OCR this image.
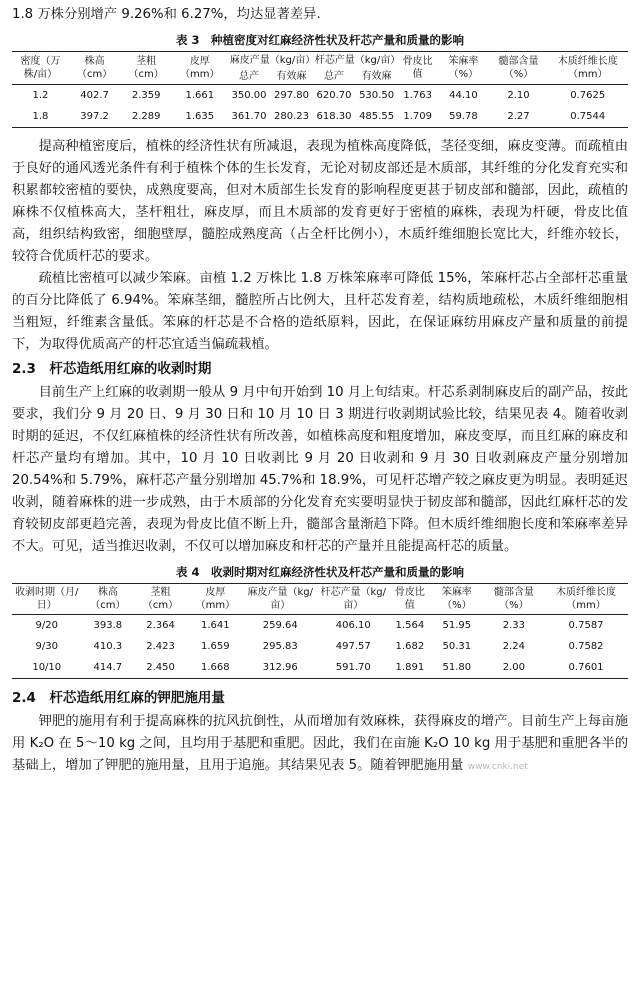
1.8 万株分别增产 9.26%和 6.27%，均达显著差异.

表 3　种植密度对红麻经济性状及杆芯产量和质量的影响
密度（万株/亩）	株高（cm）	茎粗（cm）	皮厚（mm）	麻皮产量（kg/亩）		杆芯产量（kg/亩）		骨皮比值	笨麻率（%）	髓部含量（%）	木质纤维长度（mm）
				总产	有效麻	总产	有效麻				
1.2	402.7	2.359	1.661	350.00	297.80	620.70	530.50	1.763	44.10	2.10	0.7625
1.8	397.2	2.289	1.635	361.70	280.23	618.30	485.55	1.709	59.78	2.27	0.7544

提高种植密度后，植株的经济性状有所减退，表现为植株高度降低，茎径变细，麻皮变薄。而疏植由于良好的通风透光条件有利于植株个体的生长发育，无论对韧皮部还是木质部，其纤维的分化发育充实和积累都较密植的要快，成熟度要高，但对木质部生长发育的影响程度更甚于韧皮部和髓部，因此，疏植的麻株不仅植株高大，茎杆粗壮，麻皮厚，而且木质部的发育更好于密植的麻株，表现为杆硬，骨皮比值高，组织结构致密，细胞壁厚，髓腔成熟度高（占全杆比例小），木质纤维细胞长宽比大，纤维亦较长，较符合优质杆芯的要求。

疏植比密植可以减少笨麻。亩植 1.2 万株比 1.8 万株笨麻率可降低 15%，笨麻杆芯占全部杆芯重量的百分比降低了 6.94%。笨麻茎细，髓腔所占比例大，且杆芯发育差，结构质地疏松，木质纤维细胞相当粗短，纤维素含量低。笨麻的杆芯是不合格的造纸原料，因此，在保证麻纺用麻皮产量和质量的前提下，为取得优质高产的杆芯宜适当偏疏栽植。

2.3　杆芯造纸用红麻的收剥时期

目前生产上红麻的收剥期一般从 9 月中旬开始到 10 月上旬结束。杆芯系剥制麻皮后的副产品，按此要求，我们分 9 月 20 日、9 月 30 日和 10 月 10 日 3 期进行收剥期试验比较，结果见表 4。随着收剥时期的延迟，不仅红麻植株的经济性状有所改善，如植株高度和粗度增加，麻皮变厚，而且红麻的麻皮和杆芯产量均有增加。其中，10 月 10 日收剥比 9 月 20 日收剥和 9 月 30 日收剥麻皮产量分别增加 20.54%和 5.79%，麻杆芯产量分别增加 45.7%和 18.9%，可见杆芯增产较之麻皮更为明显。表明延迟收剥，随着麻株的进一步成熟，由于木质部的分化发育充实要明显快于韧皮部和髓部，因此红麻杆芯的发育较韧皮部更趋完善，表现为骨皮比值不断上升，髓部含量渐趋下降。但木质纤维细胞长度和笨麻率差异不大。可见，适当推迟收剥，不仅可以增加麻皮和杆芯的产量并且能提高杆芯的质量。

表 4　收剥时期对红麻经济性状及杆芯产量和质量的影响
收剥时期（月/日）	株高（cm）	茎粗（cm）	皮厚（mm）	麻皮产量（kg/亩）	杆芯产量（kg/亩）	骨皮比值	笨麻率（%）	髓部含量（%）	木质纤维长度（mm）
9/20	393.8	2.364	1.641	259.64	406.10	1.564	51.95	2.33	0.7587
9/30	410.3	2.423	1.659	295.83	497.57	1.682	50.31	2.24	0.7582
10/10	414.7	2.450	1.668	312.96	591.70	1.891	51.80	2.00	0.7601
2.4　杆芯造纸用红麻的钾肥施用量

钾肥的施用有利于提高麻株的抗风抗倒性，从而增加有效麻株，获得麻皮的增产。目前生产上每亩施用 K₂O 在 5～10 kg 之间，且均用于基肥和重肥。因此，我们在亩施 K₂O 10 kg 用于基肥和重肥各半的基础上，增加了钾肥的施用量，且用于追施。其结果见表 5。随着钾肥施用量 www.cnki.net
